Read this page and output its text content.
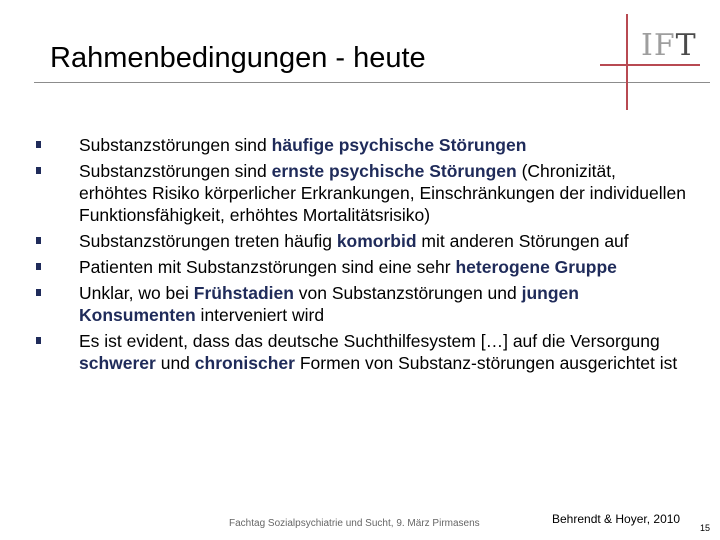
Rahmenbedingungen - heute	IFT
Substanzstörungen sind häufige psychische Störungen
Substanzstörungen sind ernste psychische Störungen (Chronizität, erhöhtes Risiko körperlicher Erkrankungen, Einschränkungen der individuellen Funktionsfähigkeit, erhöhtes Mortalitätsrisiko)
Substanzstörungen treten häufig komorbid mit anderen Störungen auf
Patienten mit Substanzstörungen sind eine sehr heterogene Gruppe
Unklar, wo bei Frühstadien von Substanzstörungen und jungen Konsumenten interveniert wird
Es ist evident, dass das deutsche Suchthilfesystem […] auf die Versorgung schwerer und chronischer Formen von Substanz-störungen ausgerichtet ist
Fachtag Sozialpsychiatrie und Sucht, 9. März Pirmasens	Behrendt & Hoyer, 2010
15
